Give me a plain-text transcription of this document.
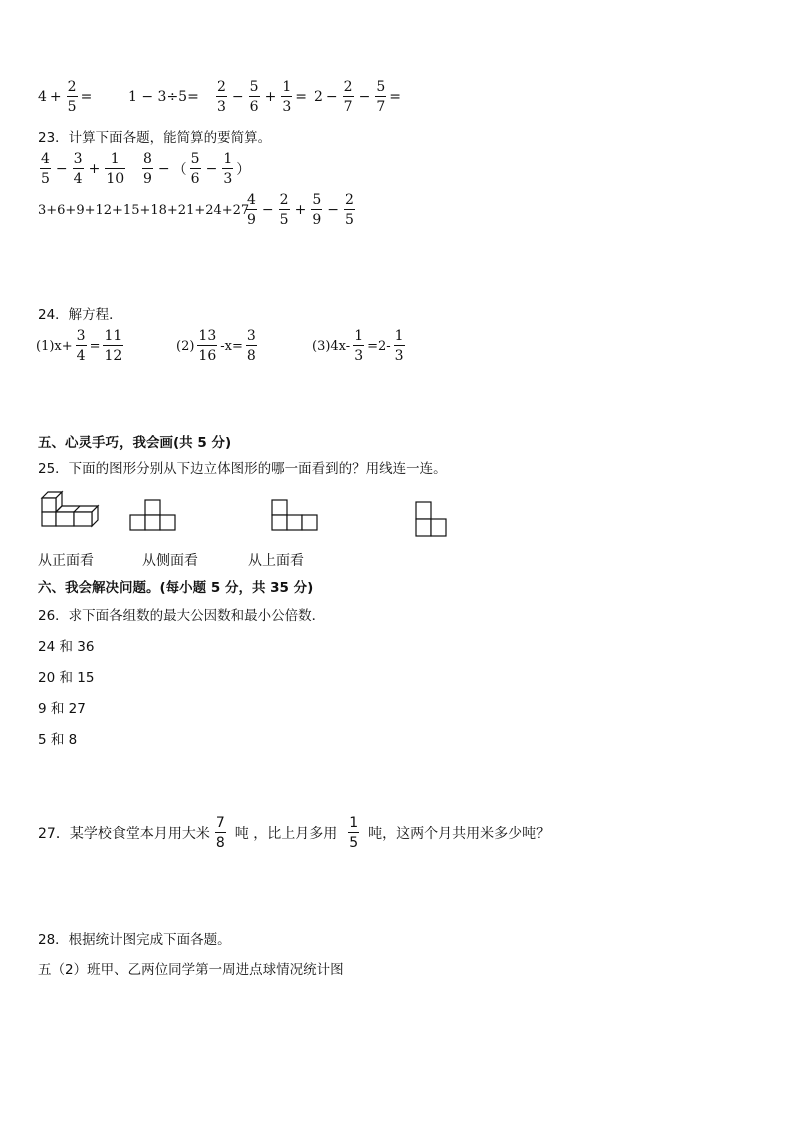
$4 + \frac{2}{5}$ =	$1 - 3\div 5= \frac{2}{3} - \frac{5}{6} + \frac{1}{3} = 2 - \frac{2}{7} - \frac{5}{7}$ =
23．计算下面各题，能简算的要简算。
$\frac{4}{5} - \frac{3}{4} + \frac{1}{10} \frac{8}{9}$ − （ $\frac{5}{6} - \frac{1}{3}$ ）
3+6+9+12+15+18+21+24+27
$\frac{4}{9} - \frac{2}{5} + \frac{5}{9} - \frac{2}{5}$
24．解方程．
$(1)x+ \frac{3}{4} = \frac{11}{12}$	$(2) \frac{13}{16} -x= \frac{3}{8}$	$(3)4x- \frac{1}{3} =2- \frac{1}{3}$
五、心灵手巧，我会画(共 5 分)
25．下面的图形分别从下边立体图形的哪一面看到的？用线连一连。
从正面看	从侧面看	从上面看
六、我会解决问题。(每小题 5 分，共 35 分)
26．求下面各组数的最大公因数和最小公倍数．
24 和 36
20 和 15
9 和 27
5 和 8
27．某学校食堂本月用大米 $\frac{7}{8}$ 吨 ，比上月多用 $\frac{1}{5}$ 吨，这两个月共用米多少吨？
28．根据统计图完成下面各题。
五（2）班甲、乙两位同学第一周进点球情况统计图
